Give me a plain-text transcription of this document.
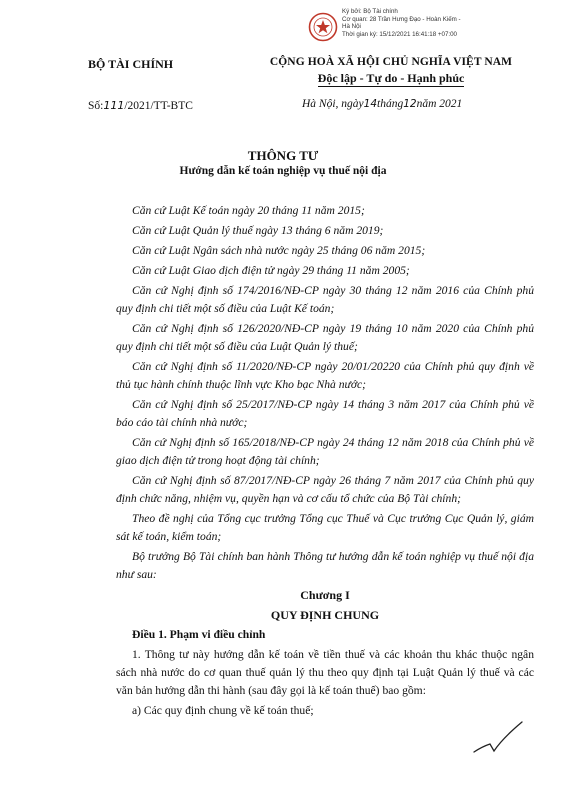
Ký bởi: Bộ Tài chính
Cơ quan: 28 Trần Hưng Đạo - Hoàn Kiếm -
Hà Nội
Thời gian ký: 15/12/2021 16:41:18 +07:00
BỘ TÀI CHÍNH	CỘNG HOÀ XÃ HỘI CHỦ NGHĨA VIỆT NAM
Độc lập - Tự do - Hạnh phúc
Số:111/2021/TT-BTC	Hà Nội, ngày14tháng12năm 2021
THÔNG TƯ
Hướng dẫn kế toán nghiệp vụ thuế nội địa

Căn cứ Luật Kế toán ngày 20 tháng 11 năm 2015;

Căn cứ Luật Quản lý thuế ngày 13 tháng 6 năm 2019;

Căn cứ Luật Ngân sách nhà nước ngày 25 tháng 06 năm 2015;

Căn cứ Luật Giao dịch điện tử ngày 29 tháng 11 năm 2005;

Căn cứ Nghị định số 174/2016/NĐ-CP ngày 30 tháng 12 năm 2016 của Chính phủ quy định chi tiết một số điều của Luật Kế toán;

Căn cứ Nghị định số 126/2020/NĐ-CP ngày 19 tháng 10 năm 2020 của Chính phủ quy định chi tiết một số điều của Luật Quản lý thuế;

Căn cứ Nghị định số 11/2020/NĐ-CP ngày 20/01/20220 của Chính phủ quy định về thủ tục hành chính thuộc lĩnh vực Kho bạc Nhà nước;

Căn cứ Nghị định số 25/2017/NĐ-CP ngày 14 tháng 3 năm 2017 của Chính phủ về báo cáo tài chính nhà nước;

Căn cứ Nghị định số 165/2018/NĐ-CP ngày 24 tháng 12 năm 2018 của Chính phủ về giao dịch điện tử trong hoạt động tài chính;

Căn cứ Nghị định số 87/2017/NĐ-CP ngày 26 tháng 7 năm 2017 của Chính phủ quy định chức năng, nhiệm vụ, quyền hạn và cơ cấu tổ chức của Bộ Tài chính;

Theo đề nghị của Tổng cục trưởng Tổng cục Thuế và Cục trưởng Cục Quản lý, giám sát kế toán, kiểm toán;

Bộ trưởng Bộ Tài chính ban hành Thông tư hướng dẫn kế toán nghiệp vụ thuế nội địa như sau:

Chương I

QUY ĐỊNH CHUNG

Điều 1. Phạm vi điều chỉnh

1. Thông tư này hướng dẫn kế toán về tiền thuế và các khoản thu khác thuộc ngân sách nhà nước do cơ quan thuế quản lý thu theo quy định tại Luật Quản lý thuế và các văn bản hướng dẫn thi hành (sau đây gọi là kế toán thuế) bao gồm:

a) Các quy định chung về kế toán thuế;
